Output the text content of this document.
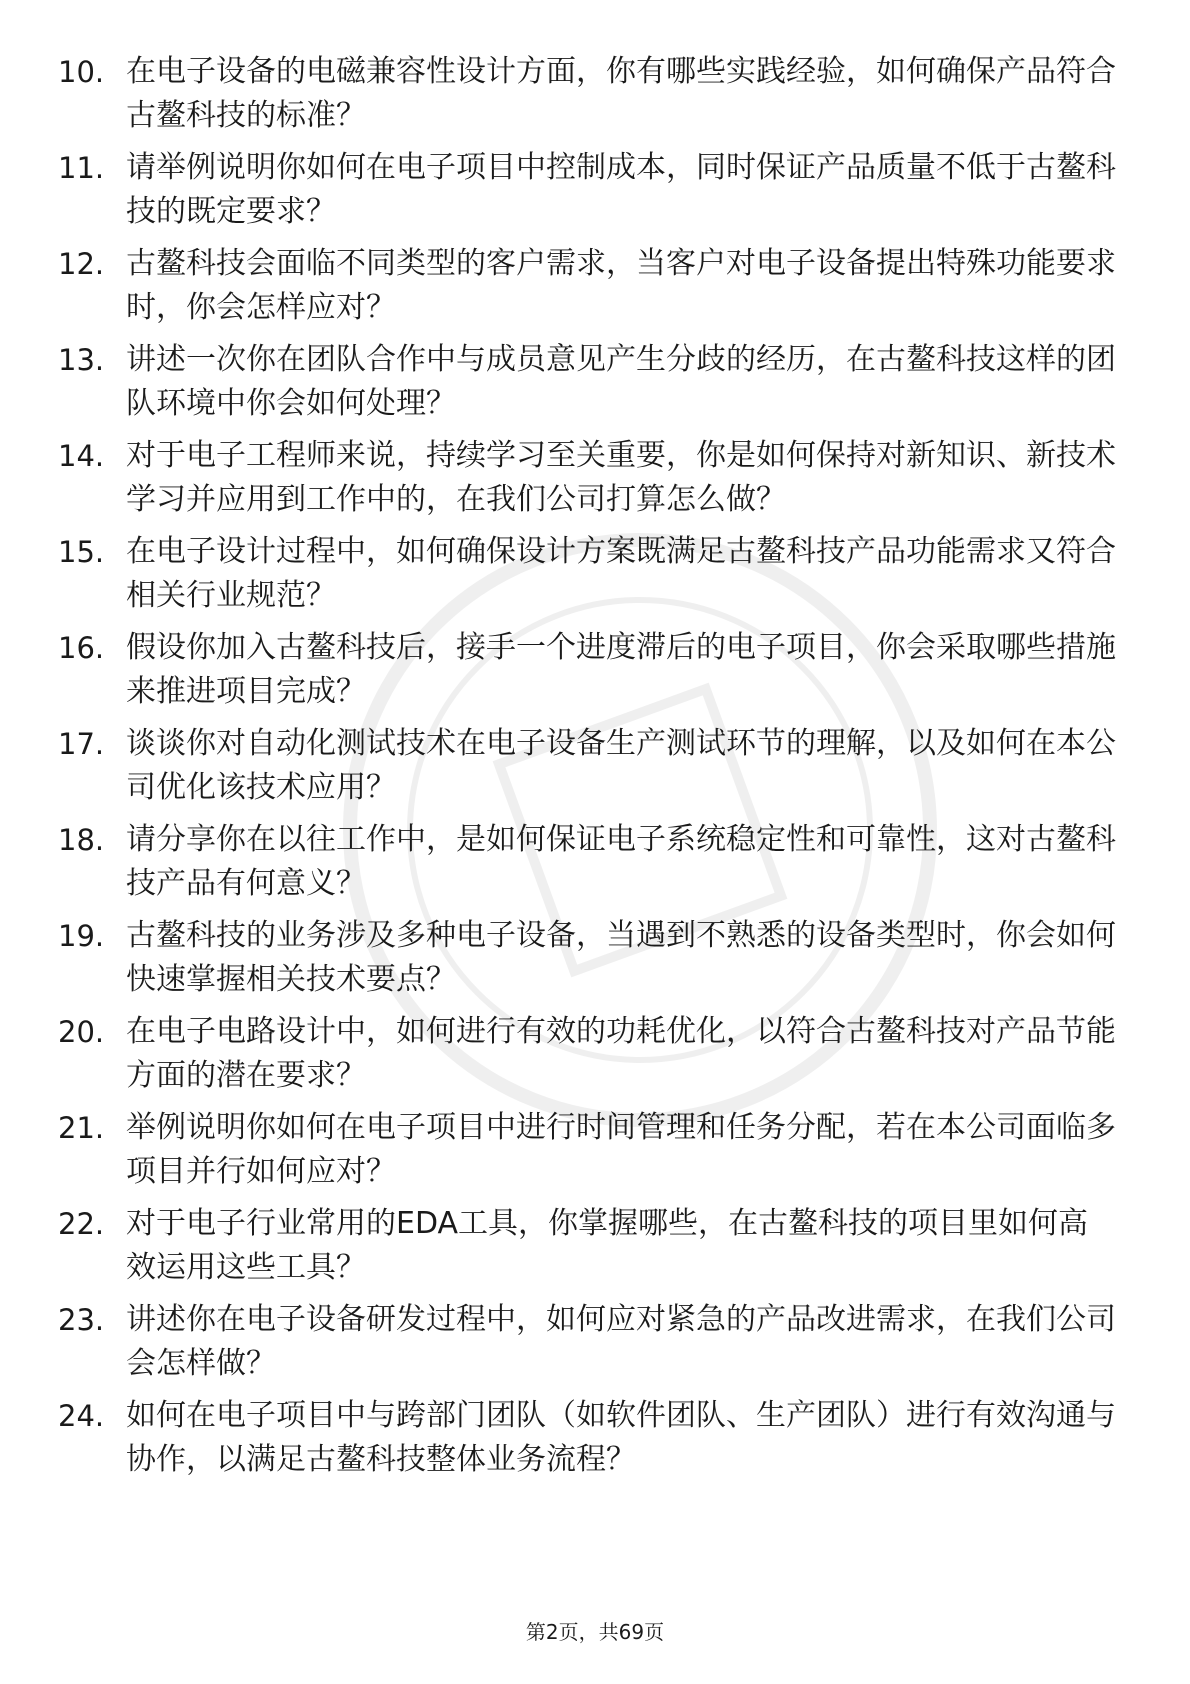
10. 在电子设备的电磁兼容性设计方面，你有哪些实践经验，如何确保产品符合古鳌科技的标准？

11. 请举例说明你如何在电子项目中控制成本，同时保证产品质量不低于古鳌科技的既定要求？

12. 古鳌科技会面临不同类型的客户需求，当客户对电子设备提出特殊功能要求时，你会怎样应对？

13. 讲述一次你在团队合作中与成员意见产生分歧的经历，在古鳌科技这样的团队环境中你会如何处理？

14. 对于电子工程师来说，持续学习至关重要，你是如何保持对新知识、新技术学习并应用到工作中的，在我们公司打算怎么做？

15. 在电子设计过程中，如何确保设计方案既满足古鳌科技产品功能需求又符合相关行业规范？

16. 假设你加入古鳌科技后，接手一个进度滞后的电子项目，你会采取哪些措施来推进项目完成？

17. 谈谈你对自动化测试技术在电子设备生产测试环节的理解，以及如何在本公司优化该技术应用？

18. 请分享你在以往工作中，是如何保证电子系统稳定性和可靠性，这对古鳌科技产品有何意义？

19. 古鳌科技的业务涉及多种电子设备，当遇到不熟悉的设备类型时，你会如何快速掌握相关技术要点？

20. 在电子电路设计中，如何进行有效的功耗优化，以符合古鳌科技对产品节能方面的潜在要求？

21. 举例说明你如何在电子项目中进行时间管理和任务分配，若在本公司面临多项目并行如何应对？

22. 对于电子行业常用的EDA工具，你掌握哪些，在古鳌科技的项目里如何高效运用这些工具？

23. 讲述你在电子设备研发过程中，如何应对紧急的产品改进需求，在我们公司会怎样做？

24. 如何在电子项目中与跨部门团队（如软件团队、生产团队）进行有效沟通与协作，以满足古鳌科技整体业务流程？

第2页，共69页
